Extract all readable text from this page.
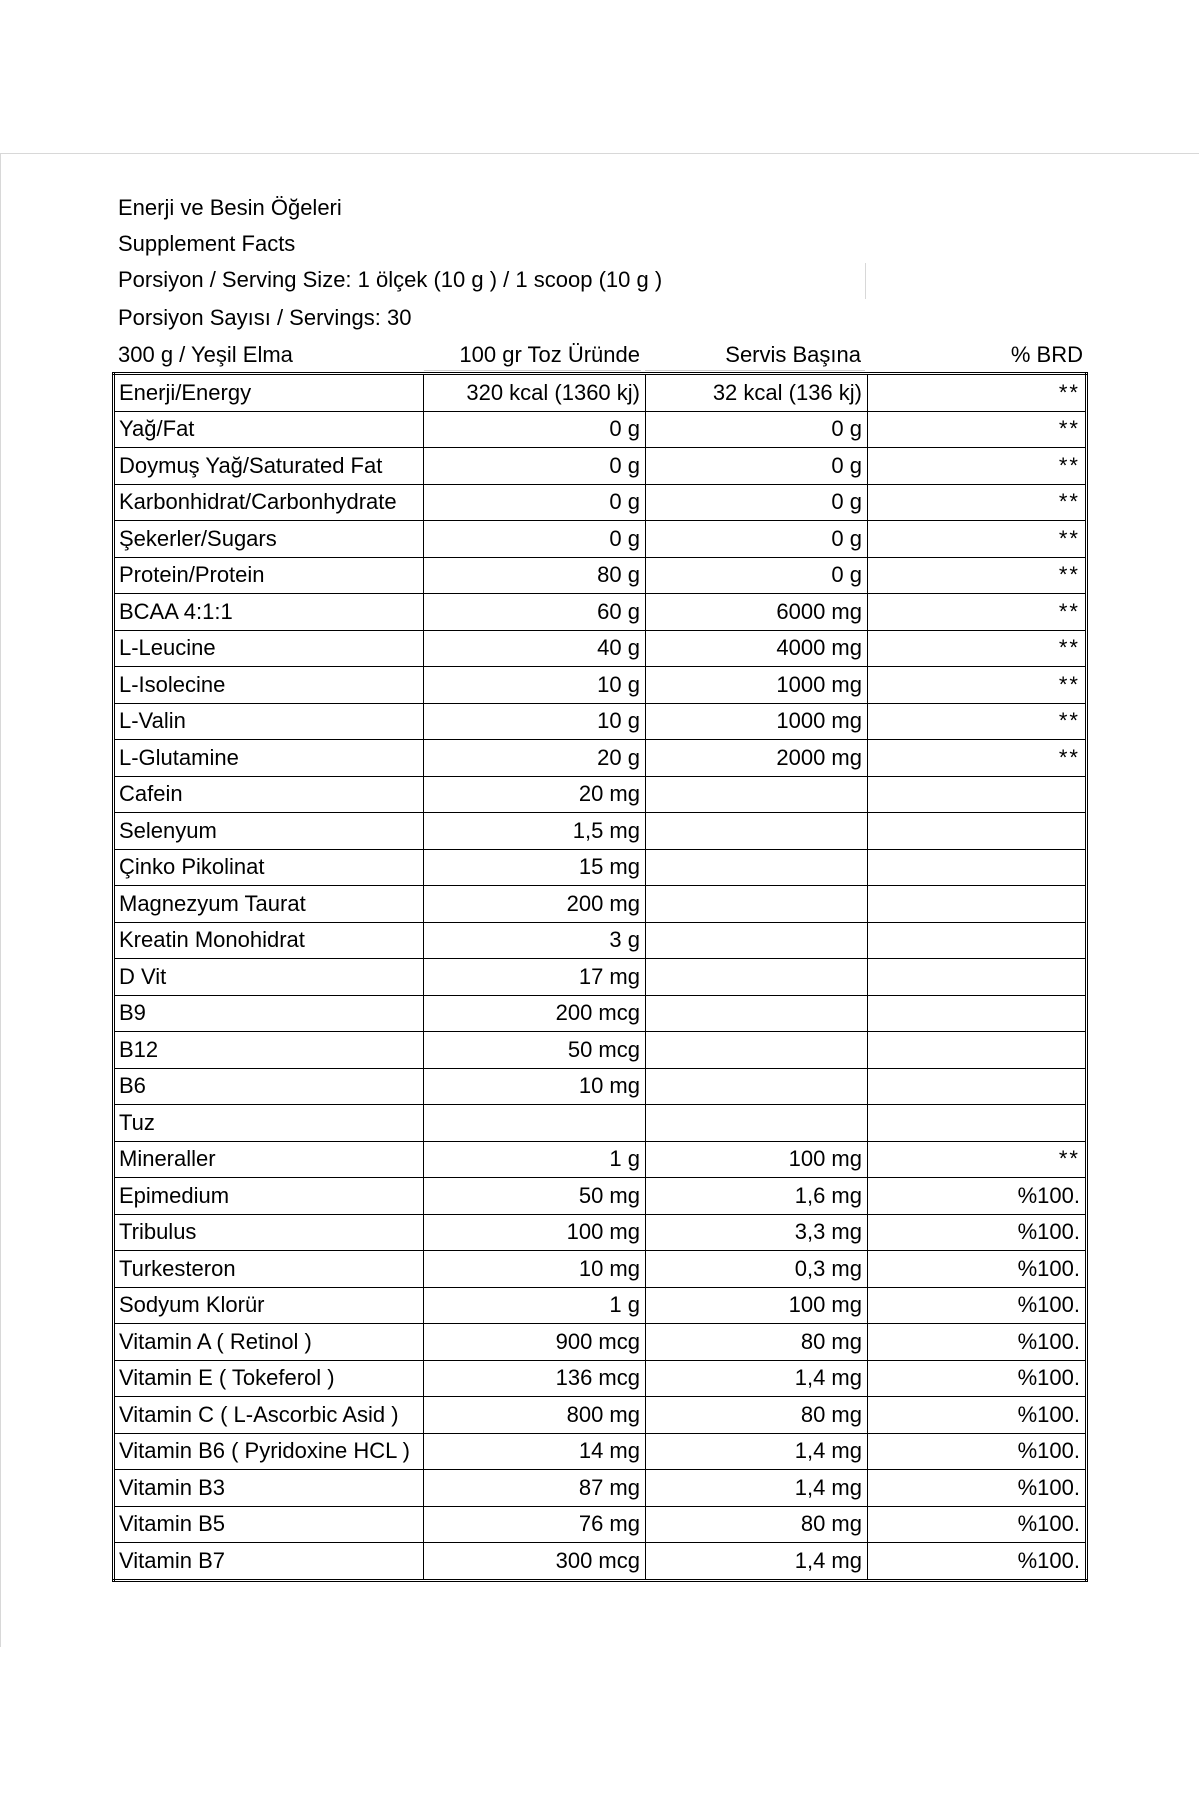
Enerji ve Besin Öğeleri
Supplement Facts
Porsiyon / Serving Size: 1 ölçek (10 g ) / 1 scoop (10 g )
Porsiyon Sayısı / Servings: 30
300 g / Yeşil Elma	100 gr Toz Üründe	Servis Başına	% BRD
Enerji/Energy	320 kcal (1360 kj)	32 kcal (136 kj)	**
Yağ/Fat	0 g	0 g	**
Doymuş Yağ/Saturated Fat	0 g	0 g	**
Karbonhidrat/Carbonhydrate	0 g	0 g	**
Şekerler/Sugars	0 g	0 g	**
Protein/Protein	80 g	0 g	**
BCAA 4:1:1	60 g	6000 mg	**
L-Leucine	40 g	4000 mg	**
L-Isolecine	10 g	1000 mg	**
L-Valin	10 g	1000 mg	**
L-Glutamine	20 g	2000 mg	**
Cafein	20 mg		
Selenyum	1,5 mg		
Çinko Pikolinat	15 mg		
Magnezyum Taurat	200 mg		
Kreatin Monohidrat	3 g		
D Vit	17 mg		
B9	200 mcg		
B12	50 mcg		
B6	10 mg		
Tuz			
Mineraller	1 g	100 mg	**
Epimedium	50 mg	1,6 mg	%100.
Tribulus	100 mg	3,3 mg	%100.
Turkesteron	10 mg	0,3 mg	%100.
Sodyum Klorür	1 g	100 mg	%100.
Vitamin A ( Retinol )	900 mcg	80 mg	%100.
Vitamin E ( Tokeferol )	136 mcg	1,4 mg	%100.
Vitamin C ( L-Ascorbic Asid )	800 mg	80 mg	%100.
Vitamin B6 ( Pyridoxine HCL )	14 mg	1,4 mg	%100.
Vitamin B3	87 mg	1,4 mg	%100.
Vitamin B5	76 mg	80 mg	%100.
Vitamin B7	300 mcg	1,4 mg	%100.
